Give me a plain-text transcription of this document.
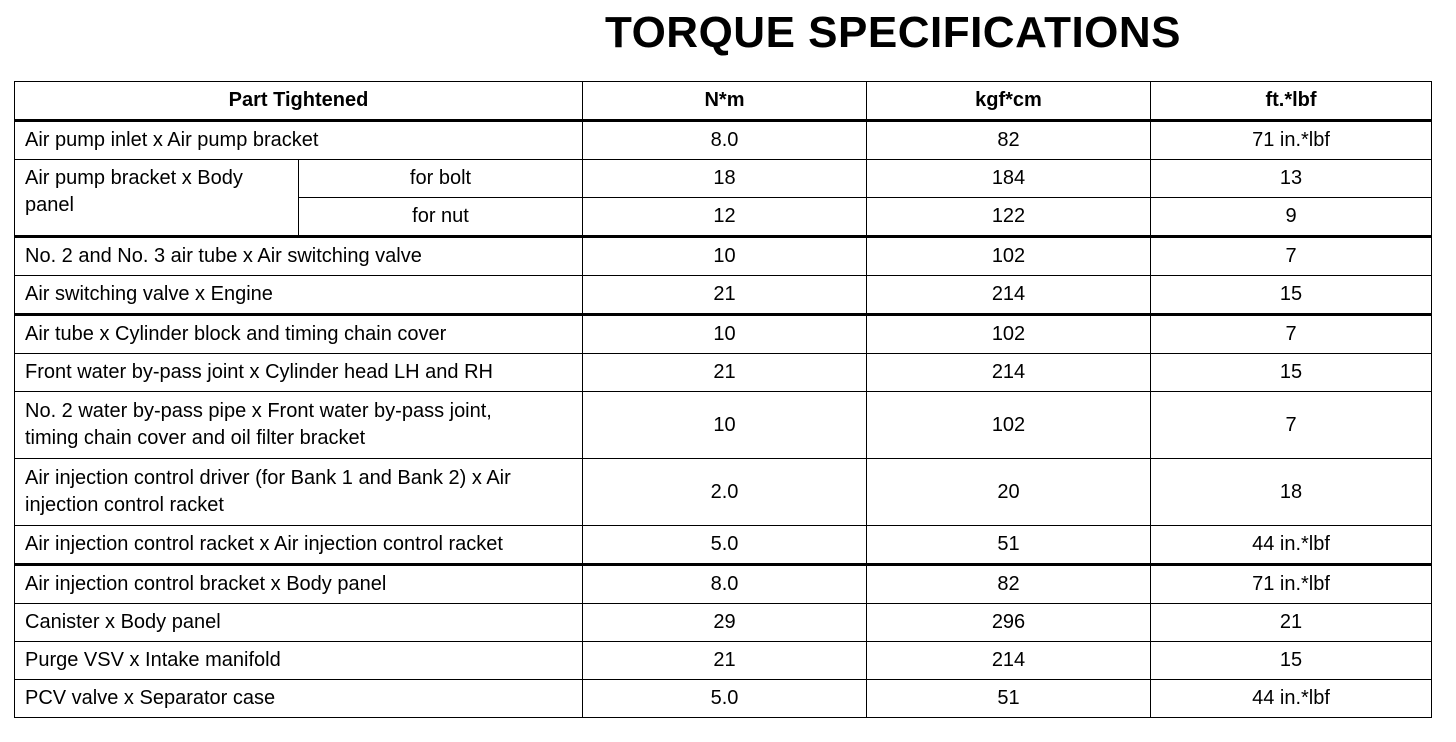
TORQUE SPECIFICATIONS
Part Tightened		N*m	kgf*cm	ft.*lbf
Air pump inlet x Air pump bracket		8.0	82	71 in.*lbf
Air pump bracket x Body panel	for bolt	18	184	13
	for nut	12	122	9
No. 2 and No. 3 air tube x Air switching valve		10	102	7
Air switching valve x Engine		21	214	15
Air tube x Cylinder block and timing chain cover		10	102	7
Front water by-pass joint x Cylinder head LH and RH		21	214	15
No. 2 water by-pass pipe x Front water by-pass joint,
timing chain cover and oil filter bracket		10	102	7
Air injection control driver (for Bank 1 and Bank 2) x Air
injection control racket		2.0	20	18
Air injection control racket x Air injection control racket		5.0	51	44 in.*lbf
Air injection control bracket x Body panel		8.0	82	71 in.*lbf
Canister x Body panel		29	296	21
Purge VSV x Intake manifold		21	214	15
PCV valve x Separator case		5.0	51	44 in.*lbf
